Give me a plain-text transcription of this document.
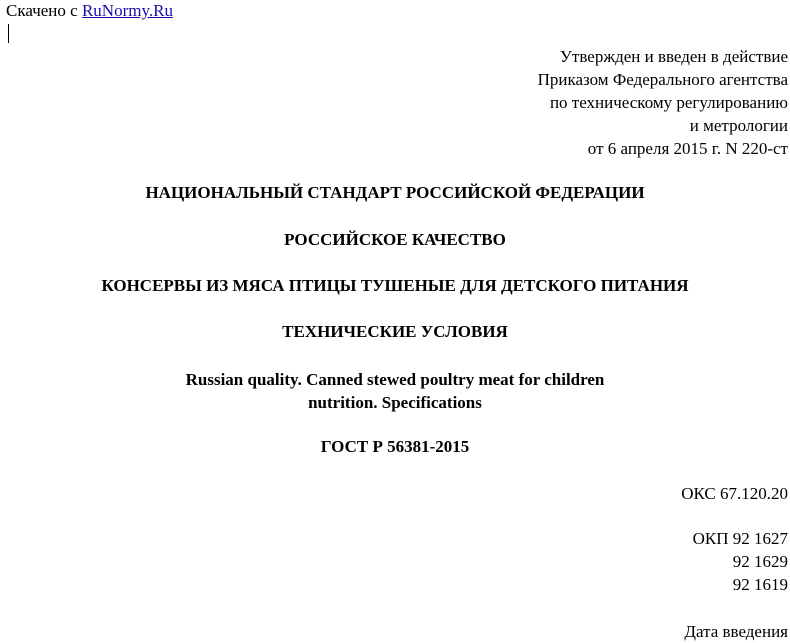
Скачено с RuNormy.Ru
Утвержден и введен в действие
Приказом Федерального агентства
по техническому регулированию
и метрологии
от 6 апреля 2015 г. N 220-ст
НАЦИОНАЛЬНЫЙ СТАНДАРТ РОССИЙСКОЙ ФЕДЕРАЦИИ
РОССИЙСКОЕ КАЧЕСТВО
КОНСЕРВЫ ИЗ МЯСА ПТИЦЫ ТУШЕНЫЕ ДЛЯ ДЕТСКОГО ПИТАНИЯ
ТЕХНИЧЕСКИЕ УСЛОВИЯ
Russian quality. Canned stewed poultry meat for children
nutrition. Specifications
ГОСТ Р 56381-2015
ОКС 67.120.20
ОКП 92 1627
92 1629
92 1619
Дата введения
